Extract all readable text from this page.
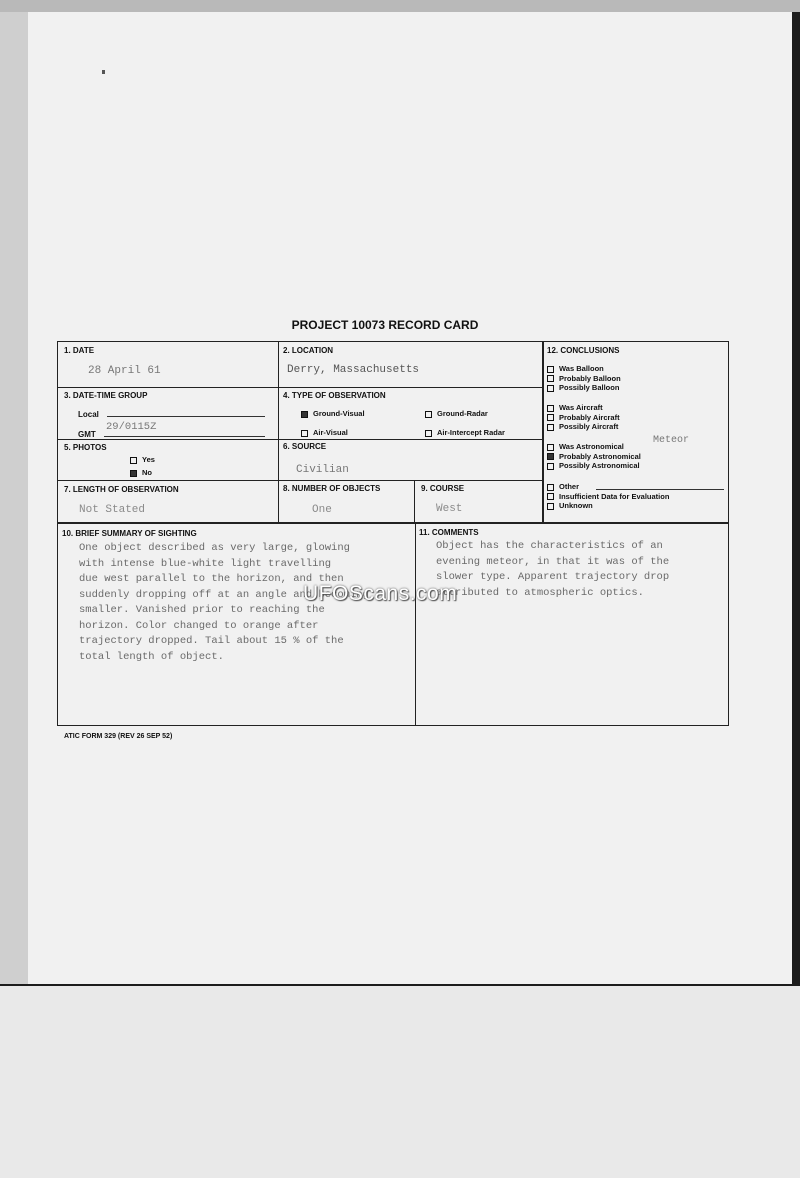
PROJECT 10073 RECORD CARD
1. DATE
28 April 61
2. LOCATION
Derry, Massachusetts
3. DATE-TIME GROUP
Local
GMT
29/0115Z
4. TYPE OF OBSERVATION
Ground-Visual	Ground-Radar
Air-Visual	Air-Intercept Radar
5. PHOTOS
Yes
No
6. SOURCE
Civilian
7. LENGTH OF OBSERVATION
Not Stated
8. NUMBER OF OBJECTS
One
9. COURSE
West
12. CONCLUSIONS
Was Balloon
Probably Balloon
Possibly Balloon
Was Aircraft
Probably Aircraft
Possibly Aircraft
Was Astronomical
Probably Astronomical
Possibly Astronomical
Meteor
Other
Insufficient Data for Evaluation
Unknown
10. BRIEF SUMMARY OF SIGHTING
One object described as very large, glowing
with intense blue-white light travelling
due west parallel to the horizon, and then
suddenly dropping off at an angle and becoming
smaller. Vanished prior to reaching the
horizon. Color changed to orange after
trajectory dropped. Tail about 15 % of the
total length of object.
11. COMMENTS
Object has the characteristics of an
evening meteor, in that it was of the
slower type. Apparent trajectory drop
attributed to atmospheric optics.
UFOScans.com
ATIC FORM 329 (REV 26 SEP 52)
